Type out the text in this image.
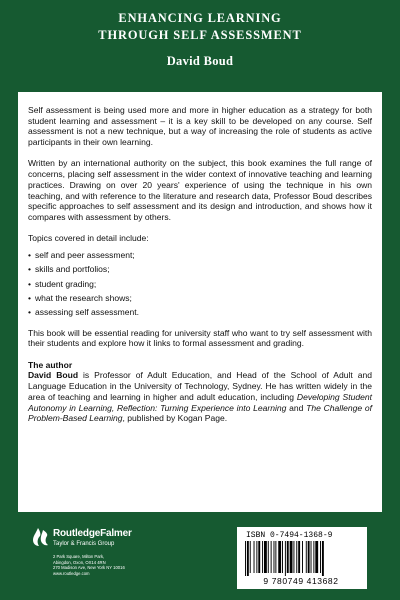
ENHANCING LEARNING
THROUGH SELF ASSESSMENT
David Boud

Self assessment is being used more and more in higher education as a strategy for both student learning and assessment – it is a key skill to be developed on any course. Self assessment is not a new technique, but a way of increasing the role of students as active participants in their own learning.

Written by an international authority on the subject, this book examines the full range of concerns, placing self assessment in the wider context of innovative teaching and learning practices. Drawing on over 20 years' experience of using the technique in his own teaching, and with reference to the literature and research data, Professor Boud describes specific approaches to self assessment and its design and introduction, and shows how it compares with assessment by others.

Topics covered in detail include:

• self and peer assessment;
• skills and portfolios;
• student grading;
• what the research shows;
• assessing self assessment.

This book will be essential reading for university staff who want to try self assessment with their students and explore how it links to formal assessment and grading.

The author

David Boud is Professor of Adult Education, and Head of the School of Adult and Language Education in the University of Technology, Sydney. He has written widely in the area of teaching and learning in higher and adult education, including Developing Student Autonomy in Learning, Reflection: Turning Experience into Learning and The Challenge of Problem-Based Learning, published by Kogan Page.

RoutledgeFalmer
Taylor & Francis Group
2 Park Square, Milton Park,
Abingdon, Oxon, OX14 4RN
270 Madison Ave, New York NY 10016
www.routledge.com
ISBN 0-7494-1368-9
9 780749 413682
